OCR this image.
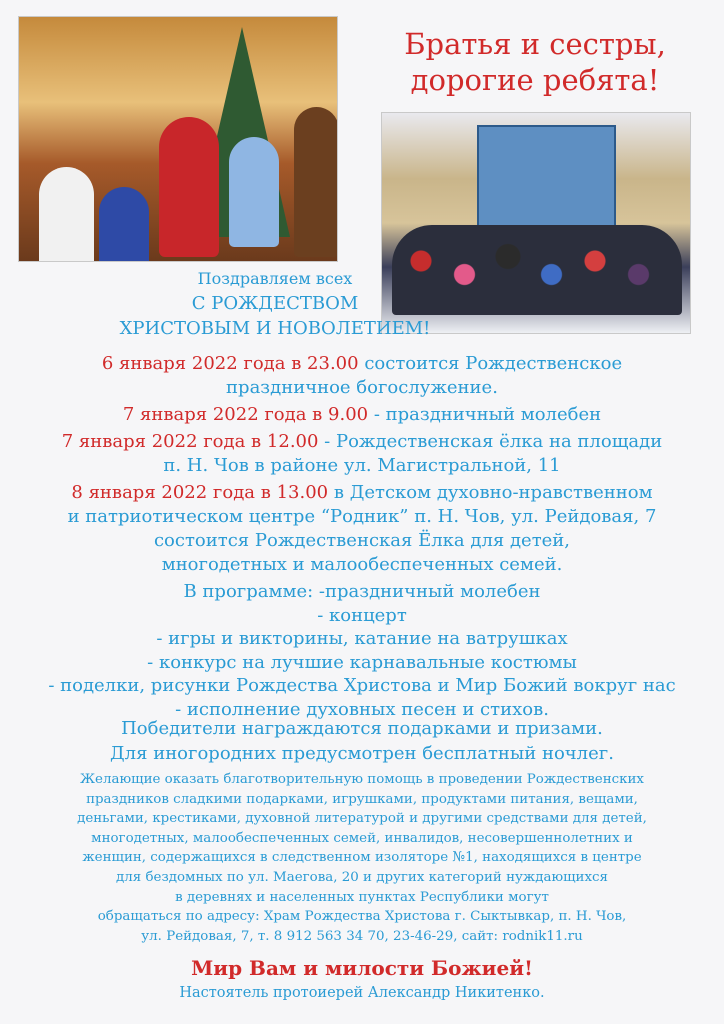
Братья и сестры,
дорогие ребята!
Поздравляем всех
С РОЖДЕСТВОМ
ХРИСТОВЫМ И НОВОЛЕТИЕМ!

6 января 2022 года в 23.00 состоится Рождественское
праздничное богослужение.

7 января 2022 года в 9.00 - праздничный молебен

7 января 2022 года в 12.00 - Рождественская ёлка на площади
п. Н. Чов в районе ул. Магистральной, 11

8 января 2022 года в 13.00 в Детском духовно-нравственном
и патриотическом центре “Родник” п. Н. Чов, ул. Рейдовая, 7
состоится Рождественская Ёлка для детей,
многодетных и малообеспеченных семей.

В программе: -праздничный молебен
- концерт
- игры и викторины, катание на ватрушках
- конкурс на лучшие карнавальные костюмы
- поделки, рисунки Рождества Христова и Мир Божий вокруг нас
- исполнение духовных песен и стихов.
Победители награждаются подарками и призами.
Для иногородних предусмотрен бесплатный ночлег.
Желающие оказать благотворительную помощь в проведении Рождественских
праздников сладкими подарками, игрушками, продуктами питания, вещами,
деньгами, крестиками, духовной литературой и другими средствами для детей,
многодетных, малообеспеченных семей, инвалидов, несовершеннолетних и
женщин, содержащихся в следственном изоляторе №1, находящихся в центре
для бездомных по ул. Маегова, 20 и других категорий нуждающихся
в деревнях и населенных пунктах Республики могут
обращаться по адресу: Храм Рождества Христова г. Сыктывкар, п. Н. Чов,
ул. Рейдовая, 7, т. 8 912 563 34 70, 23-46-29, сайт: rodnik11.ru
Мир Вам и милости Божией!
Настоятель протоиерей Александр Никитенко.
